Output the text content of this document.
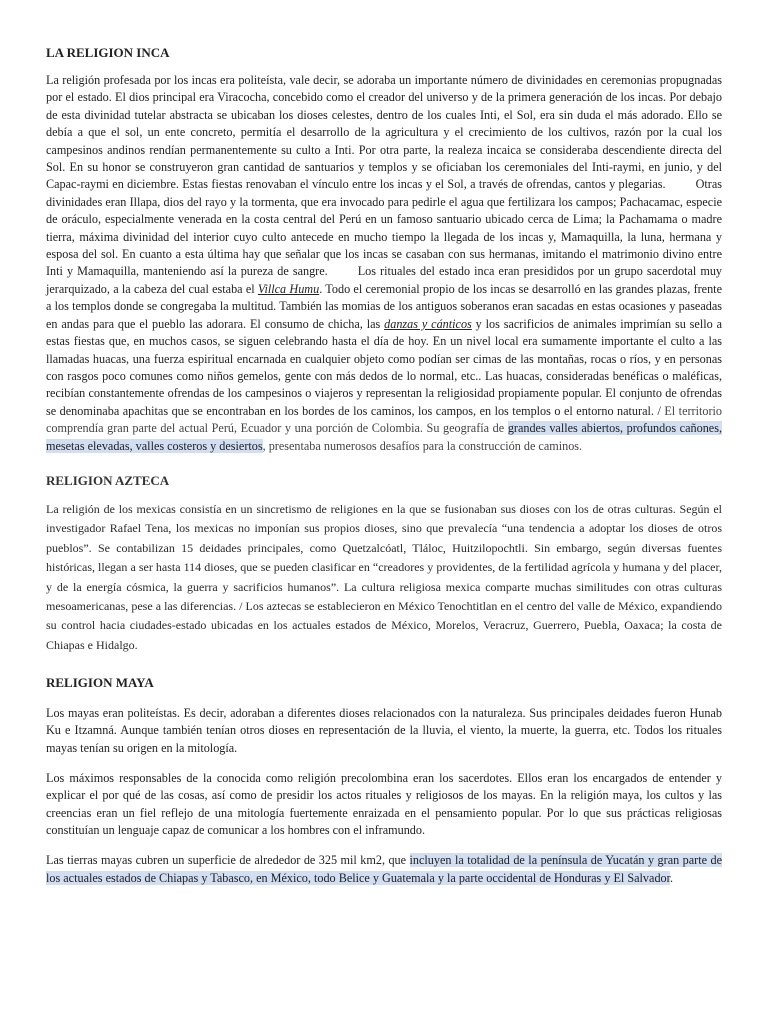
LA RELIGION INCA

La religión profesada por los incas era politeísta, vale decir, se adoraba un importante número de divinidades en ceremonias propugnadas por el estado. El dios principal era Viracocha, concebido como el creador del universo y de la primera generación de los incas. Por debajo de esta divinidad tutelar abstracta se ubicaban los dioses celestes, dentro de los cuales Inti, el Sol, era sin duda el más adorado. Ello se debía a que el sol, un ente concreto, permitía el desarrollo de la agricultura y el crecimiento de los cultivos, razón por la cual los campesinos andinos rendían permanentemente su culto a Inti. Por otra parte, la realeza incaica se consideraba descendiente directa del Sol. En su honor se construyeron gran cantidad de santuarios y templos y se oficiaban los ceremoniales del Inti-raymi, en junio, y del Capac-raymi en diciembre. Estas fiestas renovaban el vínculo entre los incas y el Sol, a través de ofrendas, cantos y plegarias. Otras divinidades eran Illapa, dios del rayo y la tormenta, que era invocado para pedirle el agua que fertilizara los campos; Pachacamac, especie de oráculo, especialmente venerada en la costa central del Perú en un famoso santuario ubicado cerca de Lima; la Pachamama o madre tierra, máxima divinidad del interior cuyo culto antecede en mucho tiempo la llegada de los incas y, Mamaquilla, la luna, hermana y esposa del sol. En cuanto a esta última hay que señalar que los incas se casaban con sus hermanas, imitando el matrimonio divino entre Inti y Mamaquilla, manteniendo así la pureza de sangre. Los rituales del estado inca eran presididos por un grupo sacerdotal muy jerarquizado, a la cabeza del cual estaba el Villca Humu. Todo el ceremonial propio de los incas se desarrolló en las grandes plazas, frente a los templos donde se congregaba la multitud. También las momias de los antiguos soberanos eran sacadas en estas ocasiones y paseadas en andas para que el pueblo las adorara. El consumo de chicha, las danzas y cánticos y los sacrificios de animales imprimían su sello a estas fiestas que, en muchos casos, se siguen celebrando hasta el día de hoy. En un nivel local era sumamente importante el culto a las llamadas huacas, una fuerza espiritual encarnada en cualquier objeto como podían ser cimas de las montañas, rocas o ríos, y en personas con rasgos poco comunes como niños gemelos, gente con más dedos de lo normal, etc.. Las huacas, consideradas benéficas o maléficas, recibían constantemente ofrendas de los campesinos o viajeros y representan la religiosidad propiamente popular. El conjunto de ofrendas se denominaba apachitas que se encontraban en los bordes de los caminos, los campos, en los templos o el entorno natural. / El territorio comprendía gran parte del actual Perú, Ecuador y una porción de Colombia. Su geografía de grandes valles abiertos, profundos cañones, mesetas elevadas, valles costeros y desiertos, presentaba numerosos desafíos para la construcción de caminos.

RELIGION AZTECA

La religión de los mexicas consistía en un sincretismo de religiones en la que se fusionaban sus dioses con los de otras culturas. Según el investigador Rafael Tena, los mexicas no imponían sus propios dioses, sino que prevalecía “una tendencia a adoptar los dioses de otros pueblos”. Se contabilizan 15 deidades principales, como Quetzalcóatl, Tláloc, Huitzilopochtli. Sin embargo, según diversas fuentes históricas, llegan a ser hasta 114 dioses, que se pueden clasificar en “creadores y providentes, de la fertilidad agrícola y humana y del placer, y de la energía cósmica, la guerra y sacrificios humanos”. La cultura religiosa mexica comparte muchas similitudes con otras culturas mesoamericanas, pese a las diferencias. / Los aztecas se establecieron en México Tenochtitlan en el centro del valle de México, expandiendo su control hacia ciudades-estado ubicadas en los actuales estados de México, Morelos, Veracruz, Guerrero, Puebla, Oaxaca; la costa de Chiapas e Hidalgo.

RELIGION MAYA

Los mayas eran politeístas. Es decir, adoraban a diferentes dioses relacionados con la naturaleza. Sus principales deidades fueron Hunab Ku e Itzamná. Aunque también tenían otros dioses en representación de la lluvia, el viento, la muerte, la guerra, etc. Todos los rituales mayas tenían su origen en la mitología.

Los máximos responsables de la conocida como religión precolombina eran los sacerdotes. Ellos eran los encargados de entender y explicar el por qué de las cosas, así como de presidir los actos rituales y religiosos de los mayas. En la religión maya, los cultos y las creencias eran un fiel reflejo de una mitología fuertemente enraizada en el pensamiento popular. Por lo que sus prácticas religiosas constituían un lenguaje capaz de comunicar a los hombres con el inframundo.

Las tierras mayas cubren un superficie de alrededor de 325 mil km2, que incluyen la totalidad de la península de Yucatán y gran parte de los actuales estados de Chiapas y Tabasco, en México, todo Belice y Guatemala y la parte occidental de Honduras y El Salvador.
